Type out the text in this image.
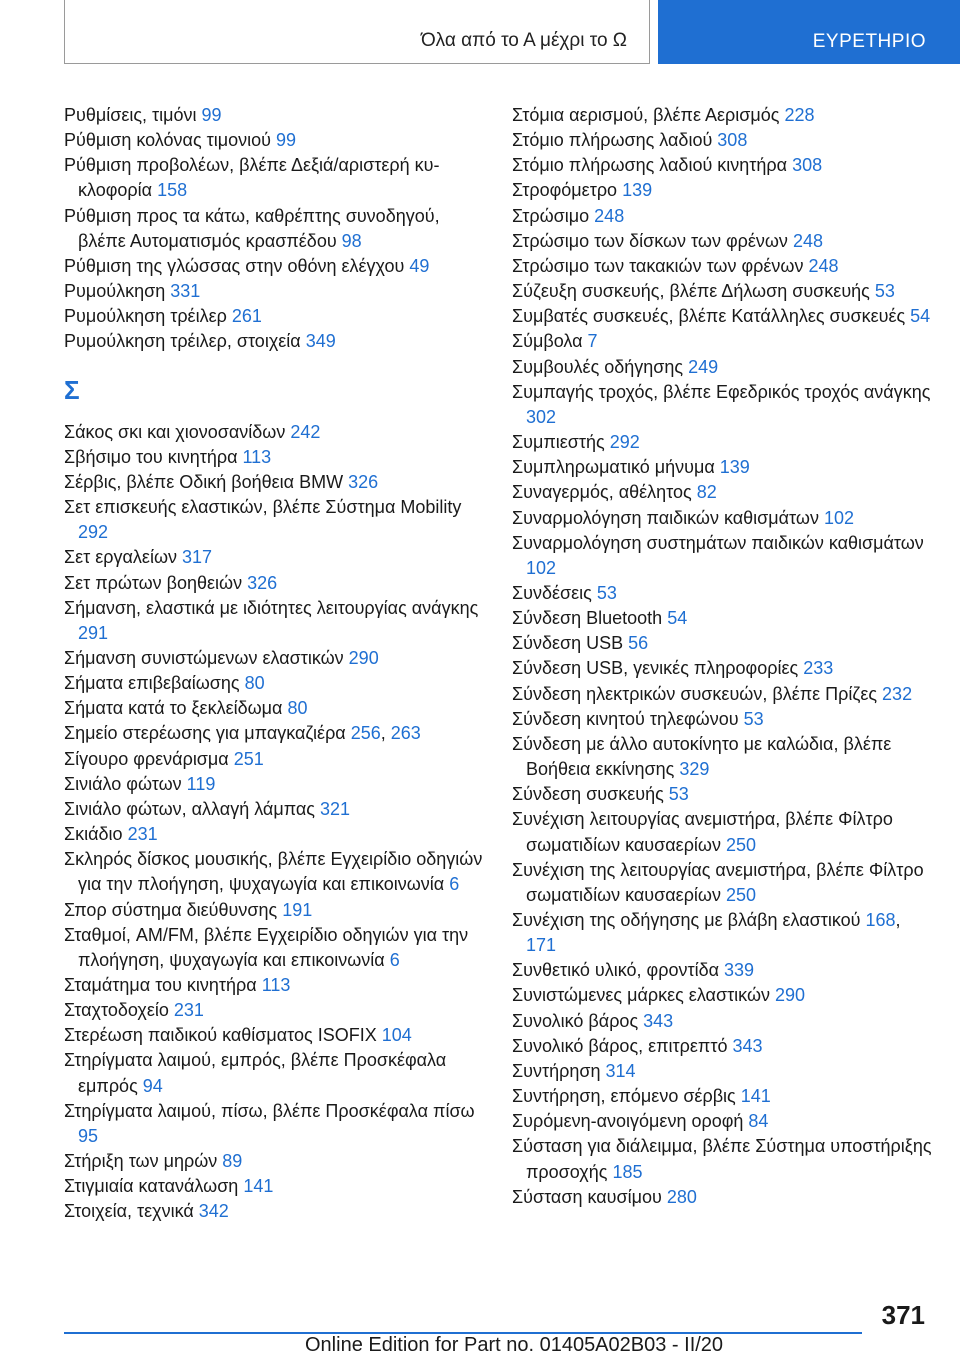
Όλα από το Α μέχρι το Ω	ΕΥΡΕΤΗΡΙΟ

Ρυθμίσεις, τιμόνι 99

Ρύθμιση κολόνας τιμονιού 99

Ρύθμιση προβολέων, βλέπε Δεξιά/αριστερή κυκλοφορία 158

Ρύθμιση προς τα κάτω, καθρέπτης συνοδηγού, βλέπε Αυτοματισμός κρασπέδου 98

Ρύθμιση της γλώσσας στην οθόνη ελέγχου 49

Ρυμούλκηση 331

Ρυμούλκηση τρέιλερ 261

Ρυμούλκηση τρέιλερ, στοιχεία 349

Σ

Σάκος σκι και χιονοσανίδων 242

Σβήσιμο του κινητήρα 113

Σέρβις, βλέπε Οδική βοήθεια BMW 326

Σετ επισκευής ελαστικών, βλέπε Σύστημα Mobility 292

Σετ εργαλείων 317

Σετ πρώτων βοηθειών 326

Σήμανση, ελαστικά με ιδιότητες λειτουργίας ανάγκης 291

Σήμανση συνιστώμενων ελαστικών 290

Σήματα επιβεβαίωσης 80

Σήματα κατά το ξεκλείδωμα 80

Σημείο στερέωσης για μπαγκαζιέρα 256, 263

Σίγουρο φρενάρισμα 251

Σινιάλο φώτων 119

Σινιάλο φώτων, αλλαγή λάμπας 321

Σκιάδιο 231

Σκληρός δίσκος μουσικής, βλέπε Εγχειρίδιο οδηγιών για την πλοήγηση, ψυχαγωγία και επικοινωνία 6

Σπορ σύστημα διεύθυνσης 191

Σταθμοί, AM/FM, βλέπε Εγχειρίδιο οδηγιών για την πλοήγηση, ψυχαγωγία και επικοινωνία 6

Σταμάτημα του κινητήρα 113

Σταχτοδοχείο 231

Στερέωση παιδικού καθίσματος ISOFIX 104

Στηρίγματα λαιμού, εμπρός, βλέπε Προσκέφαλα εμπρός 94

Στηρίγματα λαιμού, πίσω, βλέπε Προσκέφαλα πίσω 95

Στήριξη των μηρών 89

Στιγμιαία κατανάλωση 141

Στοιχεία, τεχνικά 342

Στόμια αερισμού, βλέπε Αερισμός 228

Στόμιο πλήρωσης λαδιού 308

Στόμιο πλήρωσης λαδιού κινητήρα 308

Στροφόμετρο 139

Στρώσιμο 248

Στρώσιμο των δίσκων των φρένων 248

Στρώσιμο των τακακιών των φρένων 248

Σύζευξη συσκευής, βλέπε Δήλωση συσκευής 53

Συμβατές συσκευές, βλέπε Κατάλληλες συσκευές 54

Σύμβολα 7

Συμβουλές οδήγησης 249

Συμπαγής τροχός, βλέπε Εφεδρικός τροχός ανάγκης 302

Συμπιεστής 292

Συμπληρωματικό μήνυμα 139

Συναγερμός, αθέλητος 82

Συναρμολόγηση παιδικών καθισμάτων 102

Συναρμολόγηση συστημάτων παιδικών καθισμάτων 102

Συνδέσεις 53

Σύνδεση Bluetooth 54

Σύνδεση USB 56

Σύνδεση USB, γενικές πληροφορίες 233

Σύνδεση ηλεκτρικών συσκευών, βλέπε Πρίζες 232

Σύνδεση κινητού τηλεφώνου 53

Σύνδεση με άλλο αυτοκίνητο με καλώδια, βλέπε Βοήθεια εκκίνησης 329

Σύνδεση συσκευής 53

Συνέχιση λειτουργίας ανεμιστήρα, βλέπε Φίλτρο σωματιδίων καυσαερίων 250

Συνέχιση της λειτουργίας ανεμιστήρα, βλέπε Φίλτρο σωματιδίων καυσαερίων 250

Συνέχιση της οδήγησης με βλάβη ελαστικού 168, 171

Συνθετικό υλικό, φροντίδα 339

Συνιστώμενες μάρκες ελαστικών 290

Συνολικό βάρος 343

Συνολικό βάρος, επιτρεπτό 343

Συντήρηση 314

Συντήρηση, επόμενο σέρβις 141

Συρόμενη-ανοιγόμενη οροφή 84

Σύσταση για διάλειμμα, βλέπε Σύστημα υποστήριξης προσοχής 185

Σύσταση καυσίμου 280

371
Online Edition for Part no. 01405A02B03 - II/20
